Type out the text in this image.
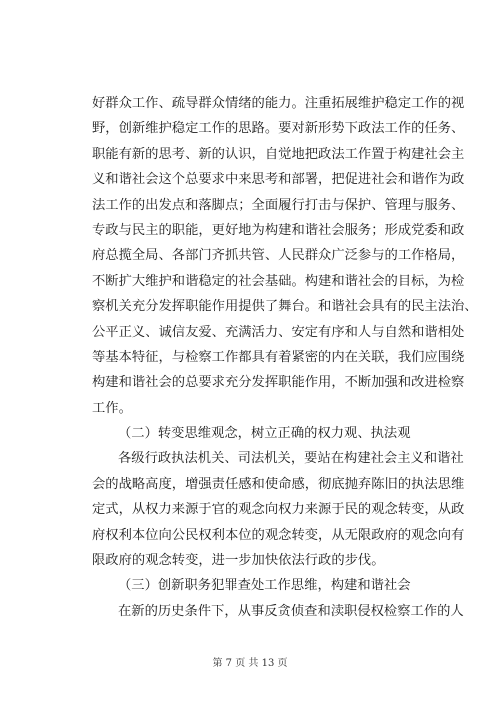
好群众工作、疏导群众情绪的能力。注重拓展维护稳定工作的视
野，创新维护稳定工作的思路。要对新形势下政法工作的任务、
职能有新的思考、新的认识，自觉地把政法工作置于构建社会主
义和谐社会这个总要求中来思考和部署，把促进社会和谐作为政
法工作的出发点和落脚点；全面履行打击与保护、管理与服务、
专政与民主的职能，更好地为构建和谐社会服务；形成党委和政
府总揽全局、各部门齐抓共管、人民群众广泛参与的工作格局，
不断扩大维护和谐稳定的社会基础。构建和谐社会的目标，为检
察机关充分发挥职能作用提供了舞台。和谐社会具有的民主法治、
公平正义、诚信友爱、充满活力、安定有序和人与自然和谐相处
等基本特征，与检察工作都具有着紧密的内在关联，我们应围绕
构建和谐社会的总要求充分发挥职能作用，不断加强和改进检察
工作。
（二）转变思维观念，树立正确的权力观、执法观
各级行政执法机关、司法机关，要站在构建社会主义和谐社
会的战略高度，增强责任感和使命感，彻底抛弃陈旧的执法思维
定式，从权力来源于官的观念向权力来源于民的观念转变，从政
府权利本位向公民权利本位的观念转变，从无限政府的观念向有
限政府的观念转变，进一步加快依法行政的步伐。
（三）创新职务犯罪查处工作思维，构建和谐社会
在新的历史条件下，从事反贪侦查和渎职侵权检察工作的人
第 7 页 共 13 页
